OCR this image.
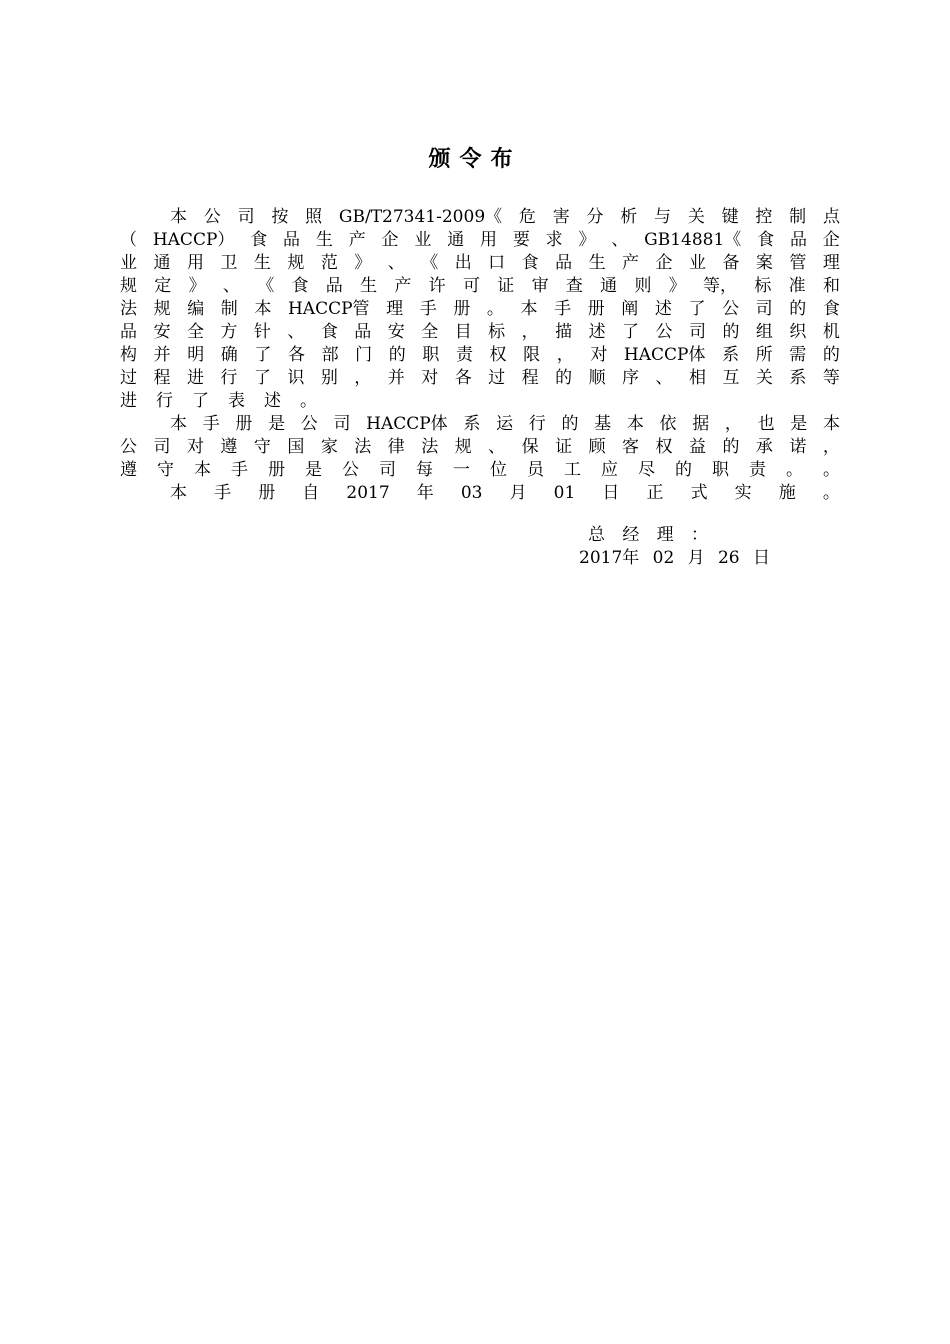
颁令布
本 公 司 按 照 GB/T27341-2009《 危 害 分 析 与 关 键 控 制 点
（ HACCP） 食 品 生 产 企 业 通 用 要 求 》 、 GB14881《 食 品 企
业 通 用 卫 生 规 范 》 、 《 出 口 食 品 生 产 企 业 备 案 管 理
规 定 》 、 《 食 品 生 产 许 可 证 审 查 通 则 》 等， 标 准 和
法 规 编 制 本 HACCP管 理 手 册 。 本 手 册 阐 述 了 公 司 的 食
品 安 全 方 针 、 食 品 安 全 目 标 ， 描 述 了 公 司 的 组 织 机
构 并 明 确 了 各 部 门 的 职 责 权 限 ， 对 HACCP体 系 所 需 的
过 程 进 行 了 识 别 ， 并 对 各 过 程 的 顺 序 、 相 互 关 系 等
进 行 了 表 述 。
本 手 册 是 公 司 HACCP体 系 运 行 的 基 本 依 据 ， 也 是 本
公 司 对 遵 守 国 家 法 律 法 规 、 保 证 顾 客 权 益 的 承 诺 ，
遵 守 本 手 册 是 公 司 每 一 位 员 工 应 尽 的 职 责 。 。
本 手 册 自 2017 年 03 月 01 日 正 式 实 施 。
总 经 理 ：
2017年 02 月 26 日
